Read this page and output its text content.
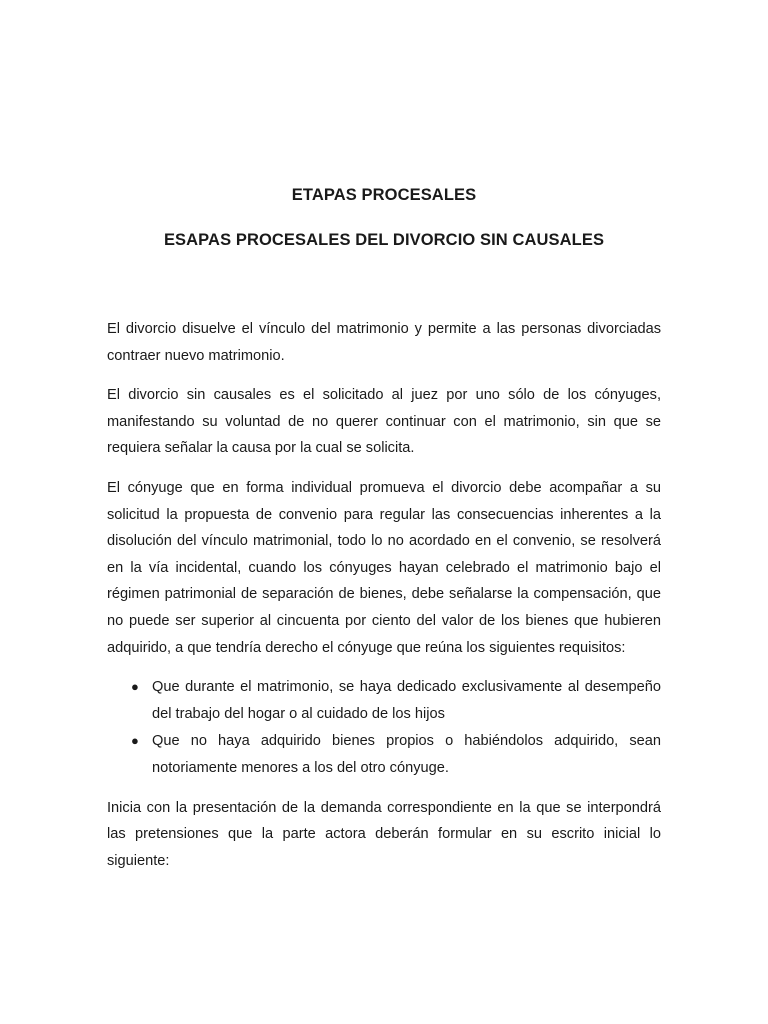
ETAPAS PROCESALES
ESAPAS PROCESALES DEL DIVORCIO SIN CAUSALES

El divorcio disuelve el vínculo del matrimonio y permite a las personas divorciadas contraer nuevo matrimonio.

El divorcio sin causales es el solicitado al juez por uno sólo de los cónyuges, manifestando su voluntad de no querer continuar con el matrimonio, sin que se requiera señalar la causa por la cual se solicita.

El cónyuge que en forma individual promueva el divorcio debe acompañar a su solicitud la propuesta de convenio para regular las consecuencias inherentes a la disolución del vínculo matrimonial, todo lo no acordado en el convenio, se resolverá en la vía incidental, cuando los cónyuges hayan celebrado el matrimonio bajo el régimen patrimonial de separación de bienes, debe señalarse la compensación, que no puede ser superior al cincuenta por ciento del valor de los bienes que hubieren adquirido, a que tendría derecho el cónyuge que reúna los siguientes requisitos:

● Que durante el matrimonio, se haya dedicado exclusivamente al desempeño del trabajo del hogar o al cuidado de los hijos
● Que no haya adquirido bienes propios o habiéndolos adquirido, sean notoriamente menores a los del otro cónyuge.

Inicia con la presentación de la demanda correspondiente en la que se interpondrá las pretensiones que la parte actora deberán formular en su escrito inicial lo siguiente:
